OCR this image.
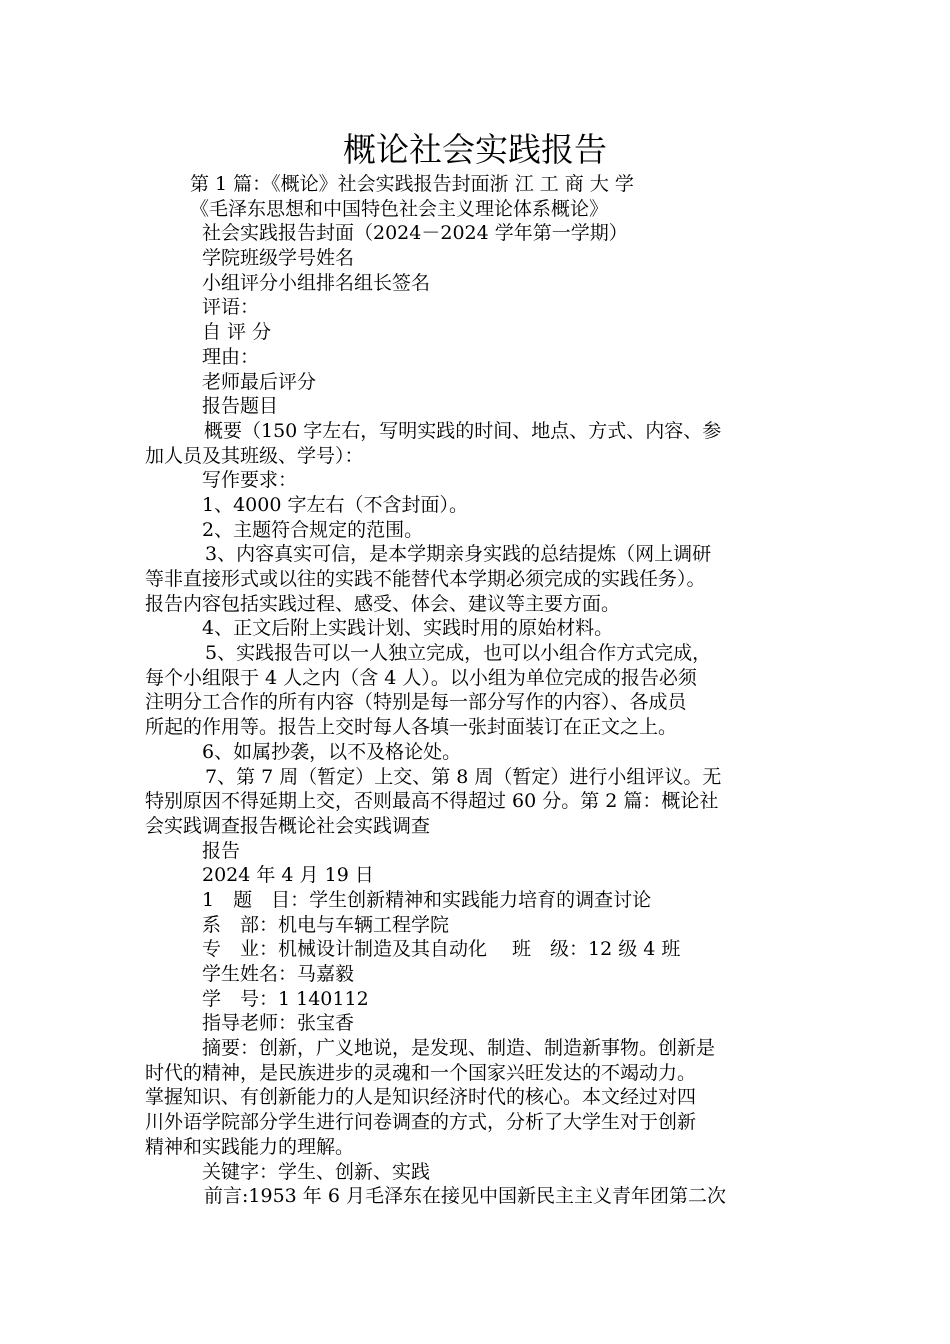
概论社会实践报告
第 1 篇：《概论》社会实践报告封面浙 江 工 商 大 学
《毛泽东思想和中国特色社会主义理论体系概论》
社会实践报告封面（2024－2024 学年第一学期）
学院班级学号姓名
小组评分小组排名组长签名
评语：
自 评 分
理由：
老师最后评分
报告题目
概要（150 字左右，写明实践的时间、地点、方式、内容、参
加人员及其班级、学号）：
写作要求：
1、4000 字左右（不含封面）。
2、主题符合规定的范围。
3、内容真实可信，是本学期亲身实践的总结提炼（网上调研
等非直接形式或以往的实践不能替代本学期必须完成的实践任务）。
报告内容包括实践过程、感受、体会、建议等主要方面。
4、正文后附上实践计划、实践时用的原始材料。
5、实践报告可以一人独立完成，也可以小组合作方式完成，
每个小组限于 4 人之内（含 4 人）。以小组为单位完成的报告必须
注明分工合作的所有内容（特别是每一部分写作的内容）、各成员
所起的作用等。报告上交时每人各填一张封面装订在正文之上。
6、如属抄袭，以不及格论处。
7、第 7 周（暂定）上交、第 8 周（暂定）进行小组评议。无
特别原因不得延期上交，否则最高不得超过 60 分。第 2 篇：概论社
会实践调查报告概论社会实践调查
报告
2024 年 4 月 19 日
1　题　目：学生创新精神和实践能力培育的调查讨论
系　部：机电与车辆工程学院
专　业：机械设计制造及其自动化　 班　级：12 级 4 班
学生姓名：马嘉毅
学　号：1 140112
指导老师：张宝香
摘要：创新，广义地说，是发现、制造、制造新事物。创新是
时代的精神，是民族进步的灵魂和一个国家兴旺发达的不竭动力。
掌握知识、有创新能力的人是知识经济时代的核心。本文经过对四
川外语学院部分学生进行问卷调查的方式，分析了大学生对于创新
精神和实践能力的理解。
关键字：学生、创新、实践
前言:1953 年 6 月毛泽东在接见中国新民主主义青年团第二次
